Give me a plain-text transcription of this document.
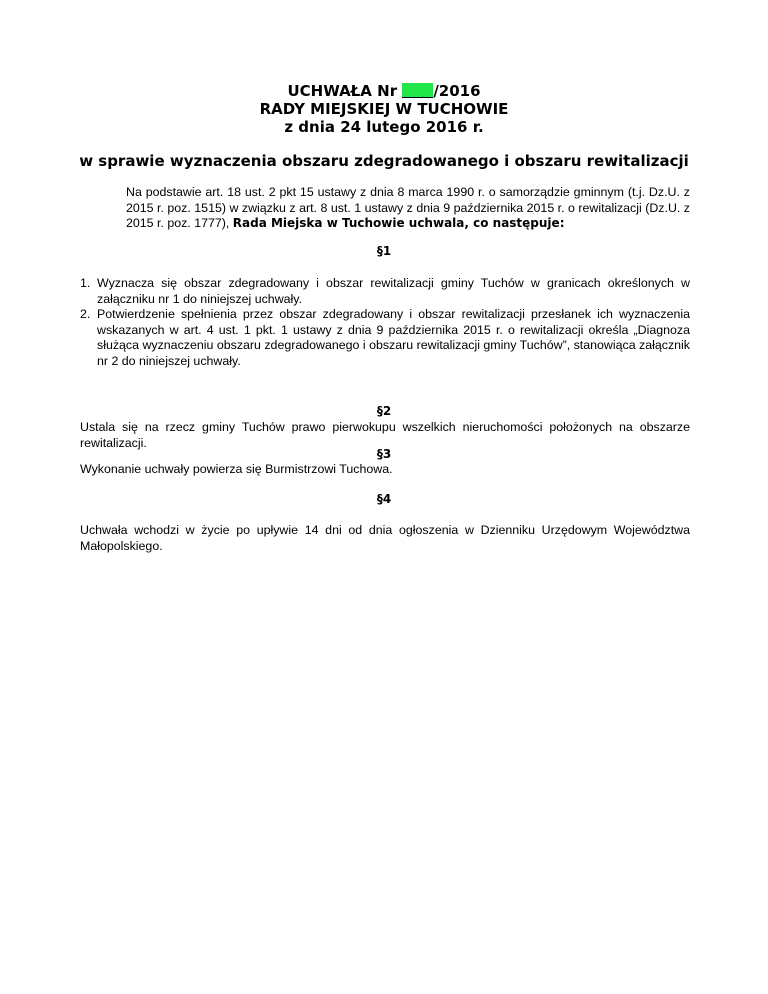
UCHWAŁA Nr /2016
RADY MIEJSKIEJ W TUCHOWIE
z dnia 24 lutego 2016 r.
w sprawie wyznaczenia obszaru zdegradowanego i obszaru rewitalizacji
Na podstawie art. 18 ust. 2 pkt 15 ustawy z dnia 8 marca 1990 r. o samorządzie gminnym (t.j. Dz.U. z 2015 r. poz. 1515) w związku z art. 8 ust. 1 ustawy z dnia 9 października 2015 r. o rewitalizacji (Dz.U. z 2015 r. poz. 1777), Rada Miejska w Tuchowie uchwala, co następuje:
§1
1. Wyznacza się obszar zdegradowany i obszar rewitalizacji gminy Tuchów w granicach określonych w załączniku nr 1 do niniejszej uchwały.
2. Potwierdzenie spełnienia przez obszar zdegradowany i obszar rewitalizacji przesłanek ich wyznaczenia wskazanych w art. 4 ust. 1 pkt. 1 ustawy z dnia 9 października 2015 r. o rewitalizacji określa „Diagnoza służąca wyznaczeniu obszaru zdegradowanego i obszaru rewitalizacji gminy Tuchów”, stanowiąca załącznik nr 2 do niniejszej uchwały.
§2
Ustala się na rzecz gminy Tuchów prawo pierwokupu wszelkich nieruchomości położonych na obszarze rewitalizacji.
§3
Wykonanie uchwały powierza się Burmistrzowi Tuchowa.
§4
Uchwała wchodzi w życie po upływie 14 dni od dnia ogłoszenia w Dzienniku Urzędowym Województwa Małopolskiego.
